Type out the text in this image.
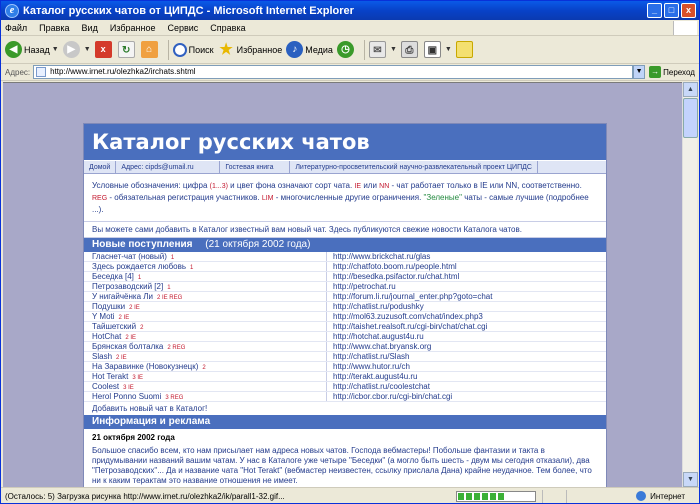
e Каталог русских чатов от ЦИПДС - Microsoft Internet Explorer	_	□	x
Файл Правка Вид Избранное Сервис Справка
◀ Назад ▼ ▶	▼	x	↻	⌂	Поиск ★ Избранное	♪ Медиа ◷	✉	▼ ⎙	▣	▼
Адрес:	http://www.irnet.ru/olezhka2/irchats.shtml	▼	→ Переход
Каталог русских чатов
Домой	Адрес: cipds@umail.ru	Гостевая книга	Литературно-просветительский научно-развлекательный проект ЦИПДС
Условные обозначения: цифра (1...3) и цвет фона означают сорт чата. IE или NN - чат работает только в IE или NN, соответственно. REG - обязательная регистрация участников. LIM - многочисленные другие ограничения. "Зеленые" чаты - самые лучшие (подробнее ...).
Вы можете сами добавить в Каталог известный вам новый чат. Здесь публикуются свежие новости Каталога чатов.
Новые поступления (21 октября 2002 года)
Гласнет-чат (новый) 1	http://www.brickchat.ru/glas
Здесь рождается любовь 1	http://chatfoto.boom.ru/people.html
Беседка [4] 1	http://besedka.psifactor.ru/chat.html
Петрозаводский [2] 1	http://petrochat.ru
У нигайчёнка Ли 2 IE REG	http://forum.li.ru/journal_enter.php?goto=chat
Подушки 2 IE	http://chatlist.ru/podushky
Y Moti 2 IE	http://mol63.zuzusoft.com/chat/index.php3
Тайшетский 2	http://taishet.realsoft.ru/cgi-bin/chat/chat.cgi
HotChat 2 IE	http://hotchat.august4u.ru
Брянская болталка 2 REG	http://www.chat.bryansk.org
Slash 2 IE	http://chatlist.ru/Slash
На Заравинке (Новокузнецк) 2	http://www.hutor.ru/ch
Hot Terakt 3 IE	http://terakt.august4u.ru
Coolest 3 IE	http://chatlist.ru/coolestchat
Herol Ponno Suomi 3 REG	http://icbor.cbor.ru/cgi-bin/chat.cgi
Добавить новый чат в Каталог!
Информация и реклама
21 октября 2002 года
Большое спасибо всем, кто нам присылает нам адреса новых чатов. Господа вебмастеры! Побольше фантазии и такта в придумывании названий вашим чатам. У нас в Каталоге уже четыре "Беседки" (а могло быть шесть - двум мы сегодня отказали), два "Петрозаводских"... Да и название чата "Hot Terakt" (вебмастер неизвестен, ссылку прислала Дана) крайне неудачное. Тем более, что ни к каким терактам это название отношения не имеет.
▲
▼
(Осталось: 5) Загрузка рисунка http://www.irnet.ru/olezhka2/ik/parall1-32.gif...	Интернет
